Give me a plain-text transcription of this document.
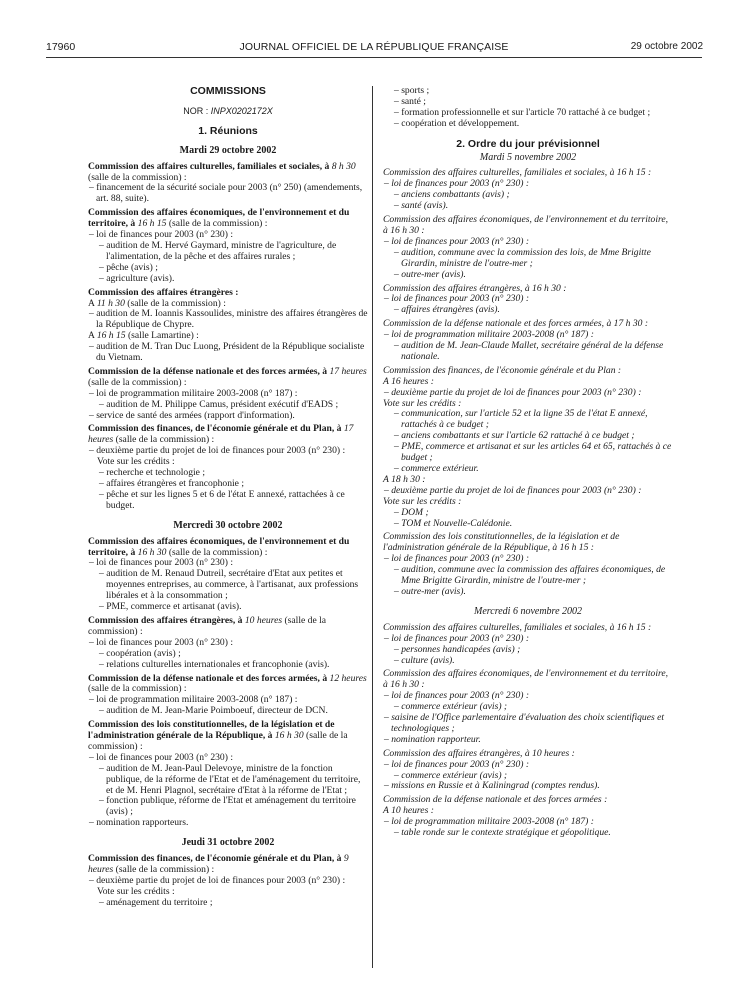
17960	JOURNAL OFFICIEL DE LA RÉPUBLIQUE FRANÇAISE	29 octobre 2002

COMMISSIONS

NOR : INPX0202172X

1. Réunions

Mardi 29 octobre 2002

Commission des affaires culturelles, familiales et sociales, à 8 h 30 (salle de la commission) :

– financement de la sécurité sociale pour 2003 (n° 250) (amendements, art. 88, suite).

Commission des affaires économiques, de l'environnement et du territoire, à 16 h 15 (salle de la commission) :

– loi de finances pour 2003 (n° 230) :

– audition de M. Hervé Gaymard, ministre de l'agriculture, de l'alimentation, de la pêche et des affaires rurales ;

– pêche (avis) ;

– agriculture (avis).

Commission des affaires étrangères :

A 11 h 30 (salle de la commission) :

– audition de M. Ioannis Kassoulides, ministre des affaires étrangères de la République de Chypre.

A 16 h 15 (salle Lamartine) :

– audition de M. Tran Duc Luong, Président de la République socialiste du Vietnam.

Commission de la défense nationale et des forces armées, à 17 heures (salle de la commission) :

– loi de programmation militaire 2003-2008 (n° 187) :

– audition de M. Philippe Camus, président exécutif d'EADS ;

– service de santé des armées (rapport d'information).

Commission des finances, de l'économie générale et du Plan, à 17 heures (salle de la commission) :

– deuxième partie du projet de loi de finances pour 2003 (n° 230) :

Vote sur les crédits :

– recherche et technologie ;

– affaires étrangères et francophonie ;

– pêche et sur les lignes 5 et 6 de l'état E annexé, rattachées à ce budget.

Mercredi 30 octobre 2002

Commission des affaires économiques, de l'environnement et du territoire, à 16 h 30 (salle de la commission) :

– loi de finances pour 2003 (n° 230) :

– audition de M. Renaud Dutreil, secrétaire d'Etat aux petites et moyennes entreprises, au commerce, à l'artisanat, aux professions libérales et à la consommation ;

– PME, commerce et artisanat (avis).

Commission des affaires étrangères, à 10 heures (salle de la commission) :

– loi de finances pour 2003 (n° 230) :

– coopération (avis) ;

– relations culturelles internationales et francophonie (avis).

Commission de la défense nationale et des forces armées, à 12 heures (salle de la commission) :

– loi de programmation militaire 2003-2008 (n° 187) :

– audition de M. Jean-Marie Poimboeuf, directeur de DCN.

Commission des lois constitutionnelles, de la législation et de l'administration générale de la République, à 16 h 30 (salle de la commission) :

– loi de finances pour 2003 (n° 230) :

– audition de M. Jean-Paul Delevoye, ministre de la fonction publique, de la réforme de l'Etat et de l'aménagement du territoire, et de M. Henri Plagnol, secrétaire d'Etat à la réforme de l'Etat ;

– fonction publique, réforme de l'Etat et aménagement du territoire (avis) ;

– nomination rapporteurs.

Jeudi 31 octobre 2002

Commission des finances, de l'économie générale et du Plan, à 9 heures (salle de la commission) :

– deuxième partie du projet de loi de finances pour 2003 (n° 230) :

Vote sur les crédits :

– aménagement du territoire ;

– sports ;

– santé ;

– formation professionnelle et sur l'article 70 rattaché à ce budget ;

– coopération et développement.

2. Ordre du jour prévisionnel

Mardi 5 novembre 2002

Commission des affaires culturelles, familiales et sociales, à 16 h 15 :

– loi de finances pour 2003 (n° 230) :

– anciens combattants (avis) ;

– santé (avis).

Commission des affaires économiques, de l'environnement et du territoire, à 16 h 30 :

– loi de finances pour 2003 (n° 230) :

– audition, commune avec la commission des lois, de Mme Brigitte Girardin, ministre de l'outre-mer ;

– outre-mer (avis).

Commission des affaires étrangères, à 16 h 30 :

– loi de finances pour 2003 (n° 230) :

– affaires étrangères (avis).

Commission de la défense nationale et des forces armées, à 17 h 30 :

– loi de programmation militaire 2003-2008 (n° 187) :

– audition de M. Jean-Claude Mallet, secrétaire général de la défense nationale.

Commission des finances, de l'économie générale et du Plan :

A 16 heures :

– deuxième partie du projet de loi de finances pour 2003 (n° 230) :

Vote sur les crédits :

– communication, sur l'article 52 et la ligne 35 de l'état E annexé, rattachés à ce budget ;

– anciens combattants et sur l'article 62 rattaché à ce budget ;

– PME, commerce et artisanat et sur les articles 64 et 65, rattachés à ce budget ;

– commerce extérieur.

A 18 h 30 :

– deuxième partie du projet de loi de finances pour 2003 (n° 230) :

Vote sur les crédits :

– DOM ;

– TOM et Nouvelle-Calédonie.

Commission des lois constitutionnelles, de la législation et de l'administration générale de la République, à 16 h 15 :

– loi de finances pour 2003 (n° 230) :

– audition, commune avec la commission des affaires économiques, de Mme Brigitte Girardin, ministre de l'outre-mer ;

– outre-mer (avis).

Mercredi 6 novembre 2002

Commission des affaires culturelles, familiales et sociales, à 16 h 15 :

– loi de finances pour 2003 (n° 230) :

– personnes handicapées (avis) ;

– culture (avis).

Commission des affaires économiques, de l'environnement et du territoire, à 16 h 30 :

– loi de finances pour 2003 (n° 230) :

– commerce extérieur (avis) ;

– saisine de l'Office parlementaire d'évaluation des choix scientifiques et technologiques ;

– nomination rapporteur.

Commission des affaires étrangères, à 10 heures :

– loi de finances pour 2003 (n° 230) :

– commerce extérieur (avis) ;

– missions en Russie et à Kaliningrad (comptes rendus).

Commission de la défense nationale et des forces armées :

A 10 heures :

– loi de programmation militaire 2003-2008 (n° 187) :

– table ronde sur le contexte stratégique et géopolitique.
